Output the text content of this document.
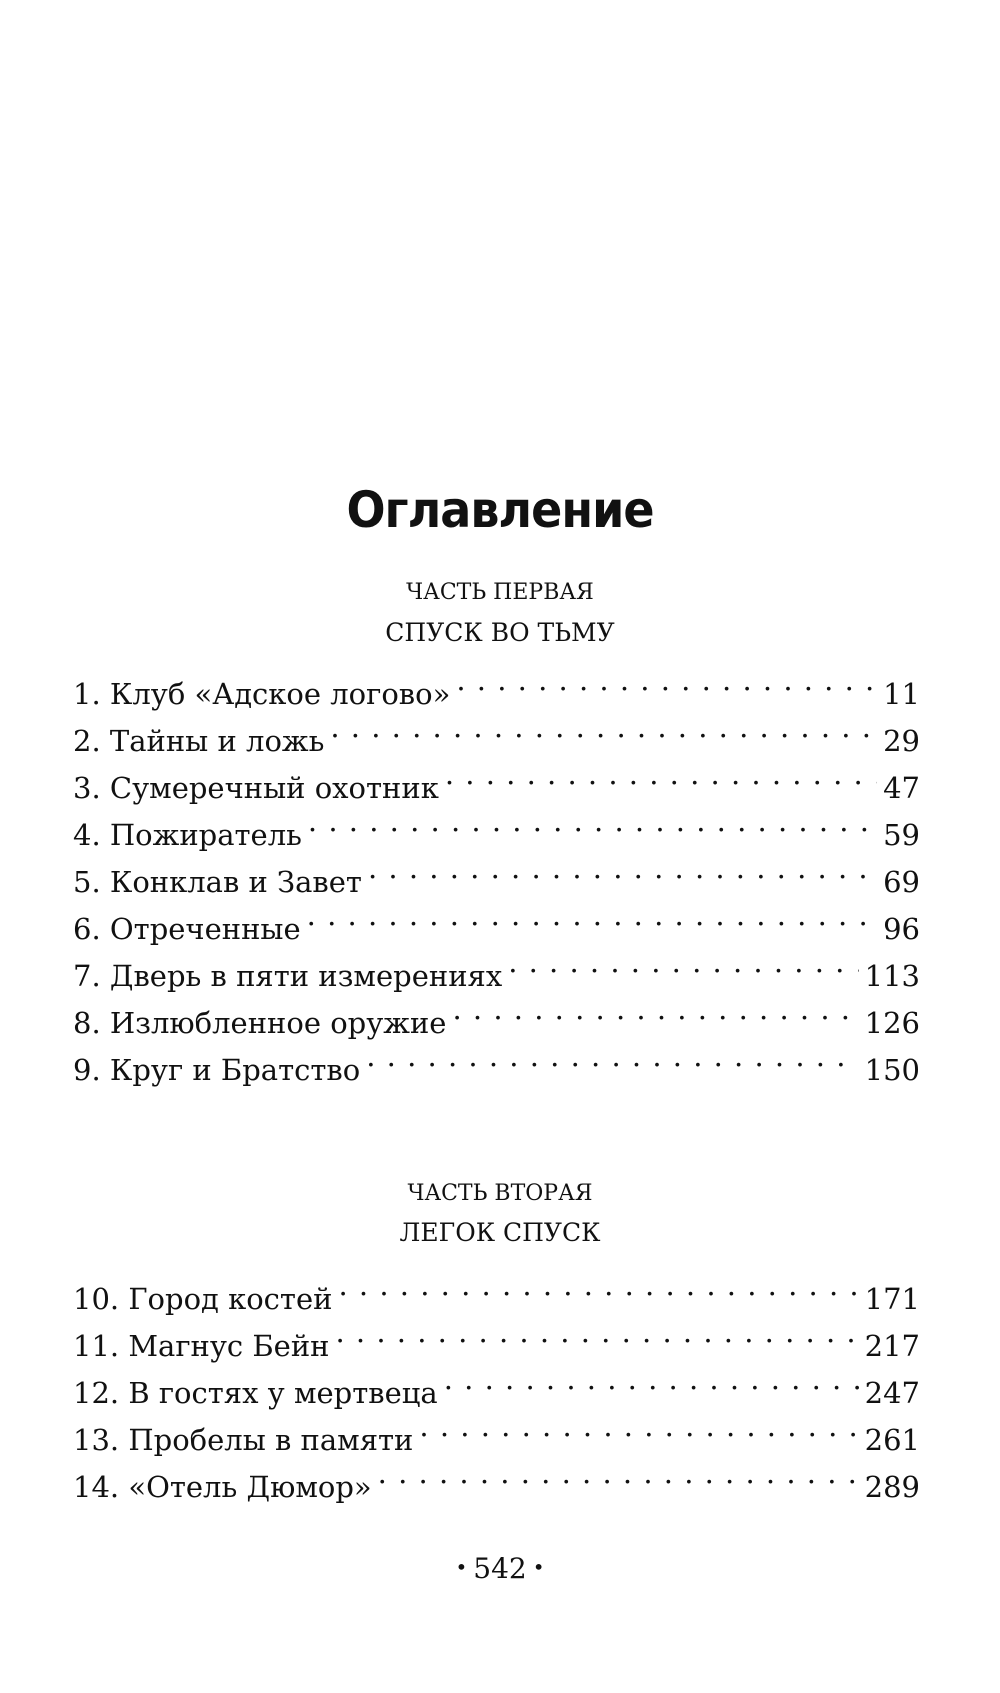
Оглавление
ЧАСТЬ ПЕРВАЯ
СПУСК ВО ТЬМУ
1. Клуб «Адское логово» . . .	11
2. Тайны и ложь . . .	29
3. Сумеречный охотник . . .	47
4. Пожиратель . . .	59
5. Конклав и Завет . . .	69
6. Отреченные . . .	96
7. Дверь в пяти измерениях . . .	113
8. Излюбленное оружие . . .	126
9. Круг и Братство . . .	150
ЧАСТЬ ВТОРАЯ
ЛЕГОК СПУСК
10. Город костей . . .	171
11. Магнус Бейн . . .	217
12. В гостях у мертвеца . . .	247
13. Пробелы в памяти . . .	261
14. «Отель Дюмор» . . .	289
• 542 •
